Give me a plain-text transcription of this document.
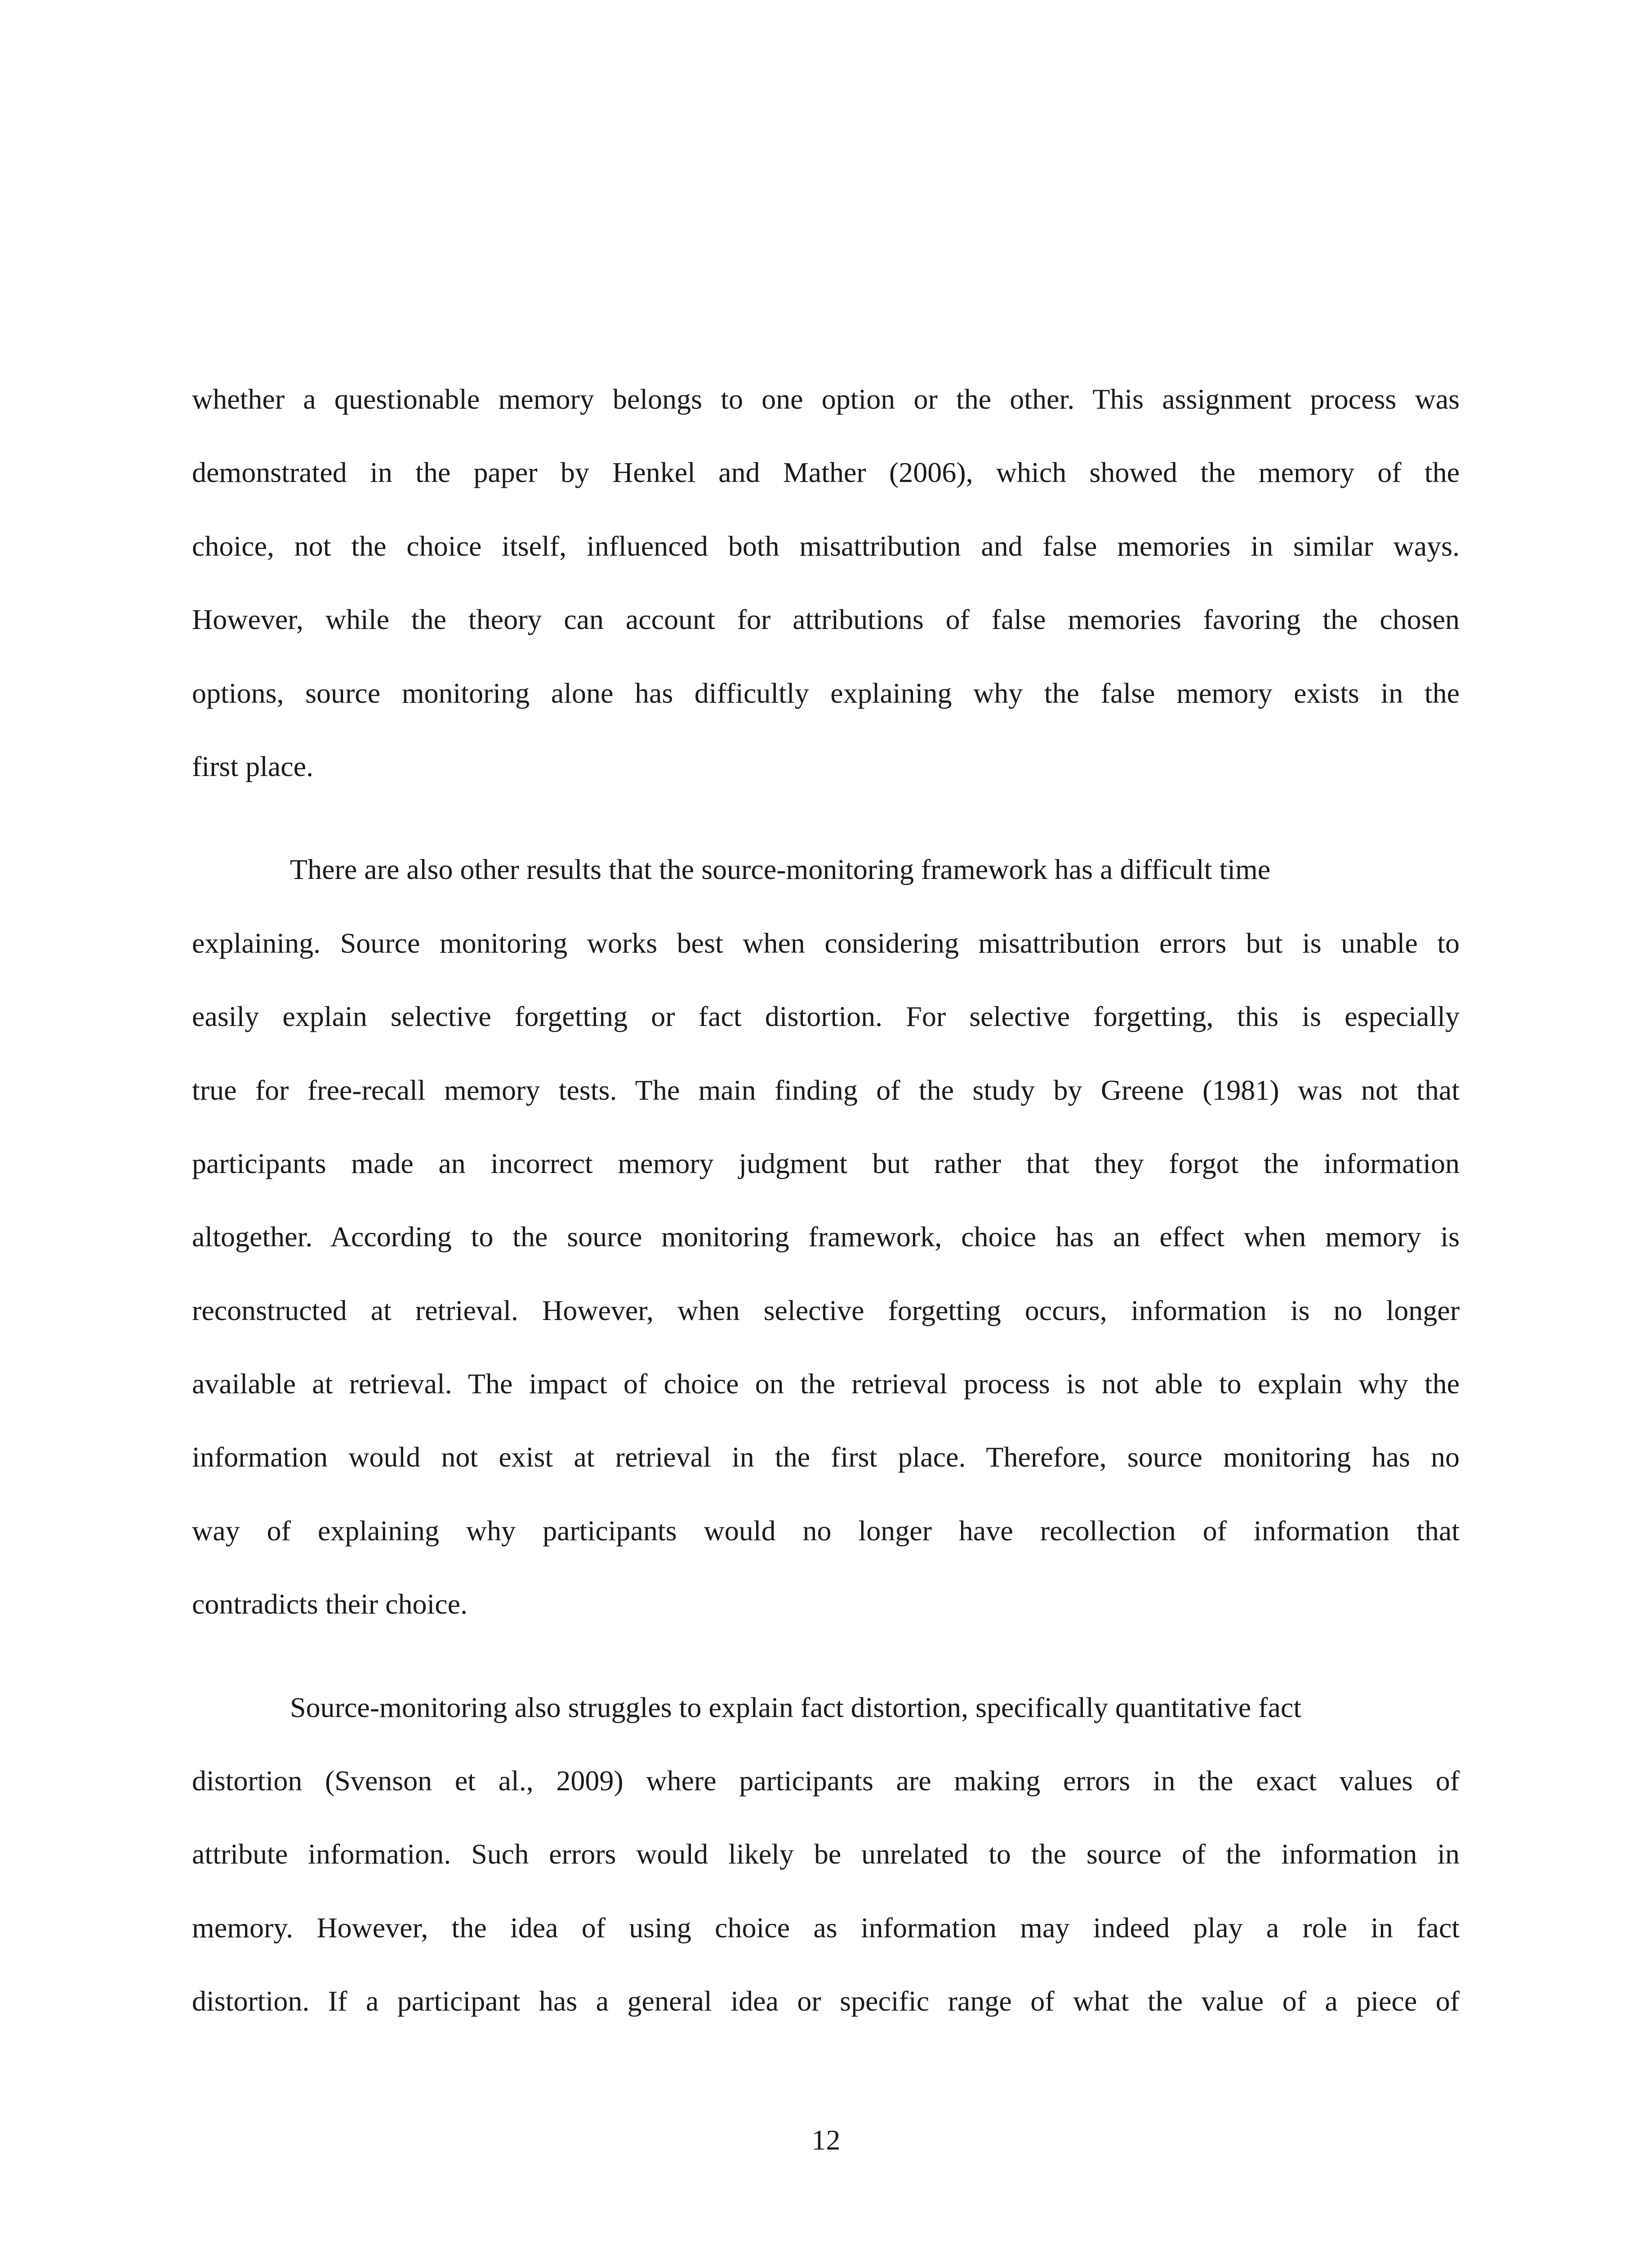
whether a questionable memory belongs to one option or the other. This assignment process was
demonstrated in the paper by Henkel and Mather (2006), which showed the memory of the
choice, not the choice itself, influenced both misattribution and false memories in similar ways.
However, while the theory can account for attributions of false memories favoring the chosen
options, source monitoring alone has difficultly explaining why the false memory exists in the
first place.
There are also other results that the source-monitoring framework has a difficult time
explaining. Source monitoring works best when considering misattribution errors but is unable to
easily explain selective forgetting or fact distortion. For selective forgetting, this is especially
true for free-recall memory tests. The main finding of the study by Greene (1981) was not that
participants made an incorrect memory judgment but rather that they forgot the information
altogether. According to the source monitoring framework, choice has an effect when memory is
reconstructed at retrieval. However, when selective forgetting occurs, information is no longer
available at retrieval. The impact of choice on the retrieval process is not able to explain why the
information would not exist at retrieval in the first place. Therefore, source monitoring has no
way of explaining why participants would no longer have recollection of information that
contradicts their choice.
Source-monitoring also struggles to explain fact distortion, specifically quantitative fact
distortion (Svenson et al., 2009) where participants are making errors in the exact values of
attribute information. Such errors would likely be unrelated to the source of the information in
memory. However, the idea of using choice as information may indeed play a role in fact
distortion. If a participant has a general idea or specific range of what the value of a piece of
12
